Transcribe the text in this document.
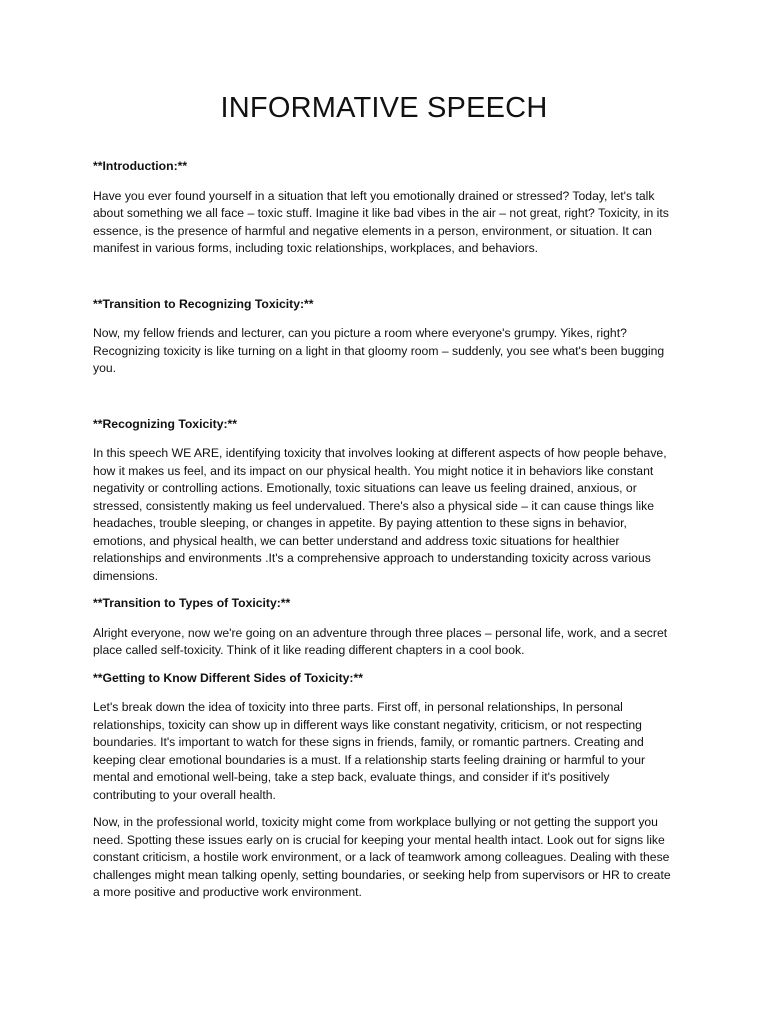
INFORMATIVE SPEECH
**Introduction:**

Have you ever found yourself in a situation that left you emotionally drained or stressed? Today, let's talk about something we all face – toxic stuff. Imagine it like bad vibes in the air – not great, right? Toxicity, in its essence, is the presence of harmful and negative elements in a person, environment, or situation. It can manifest in various forms, including toxic relationships, workplaces, and behaviors.

**Transition to Recognizing Toxicity:**

Now, my fellow friends and lecturer, can you picture a room where everyone's grumpy. Yikes, right? Recognizing toxicity is like turning on a light in that gloomy room – suddenly, you see what's been bugging you.

**Recognizing Toxicity:**

In this speech WE ARE, identifying toxicity that involves looking at different aspects of how people behave, how it makes us feel, and its impact on our physical health. You might notice it in behaviors like constant negativity or controlling actions. Emotionally, toxic situations can leave us feeling drained, anxious, or stressed, consistently making us feel undervalued. There's also a physical side – it can cause things like headaches, trouble sleeping, or changes in appetite. By paying attention to these signs in behavior, emotions, and physical health, we can better understand and address toxic situations for healthier relationships and environments .It's a comprehensive approach to understanding toxicity across various dimensions.

**Transition to Types of Toxicity:**

Alright everyone, now we're going on an adventure through three places – personal life, work, and a secret place called self-toxicity. Think of it like reading different chapters in a cool book.

**Getting to Know Different Sides of Toxicity:**

Let's break down the idea of toxicity into three parts. First off, in personal relationships, In personal relationships, toxicity can show up in different ways like constant negativity, criticism, or not respecting boundaries. It's important to watch for these signs in friends, family, or romantic partners. Creating and keeping clear emotional boundaries is a must. If a relationship starts feeling draining or harmful to your mental and emotional well-being, take a step back, evaluate things, and consider if it's positively contributing to your overall health.

Now, in the professional world, toxicity might come from workplace bullying or not getting the support you need. Spotting these issues early on is crucial for keeping your mental health intact. Look out for signs like constant criticism, a hostile work environment, or a lack of teamwork among colleagues. Dealing with these challenges might mean talking openly, setting boundaries, or seeking help from supervisors or HR to create a more positive and productive work environment.
